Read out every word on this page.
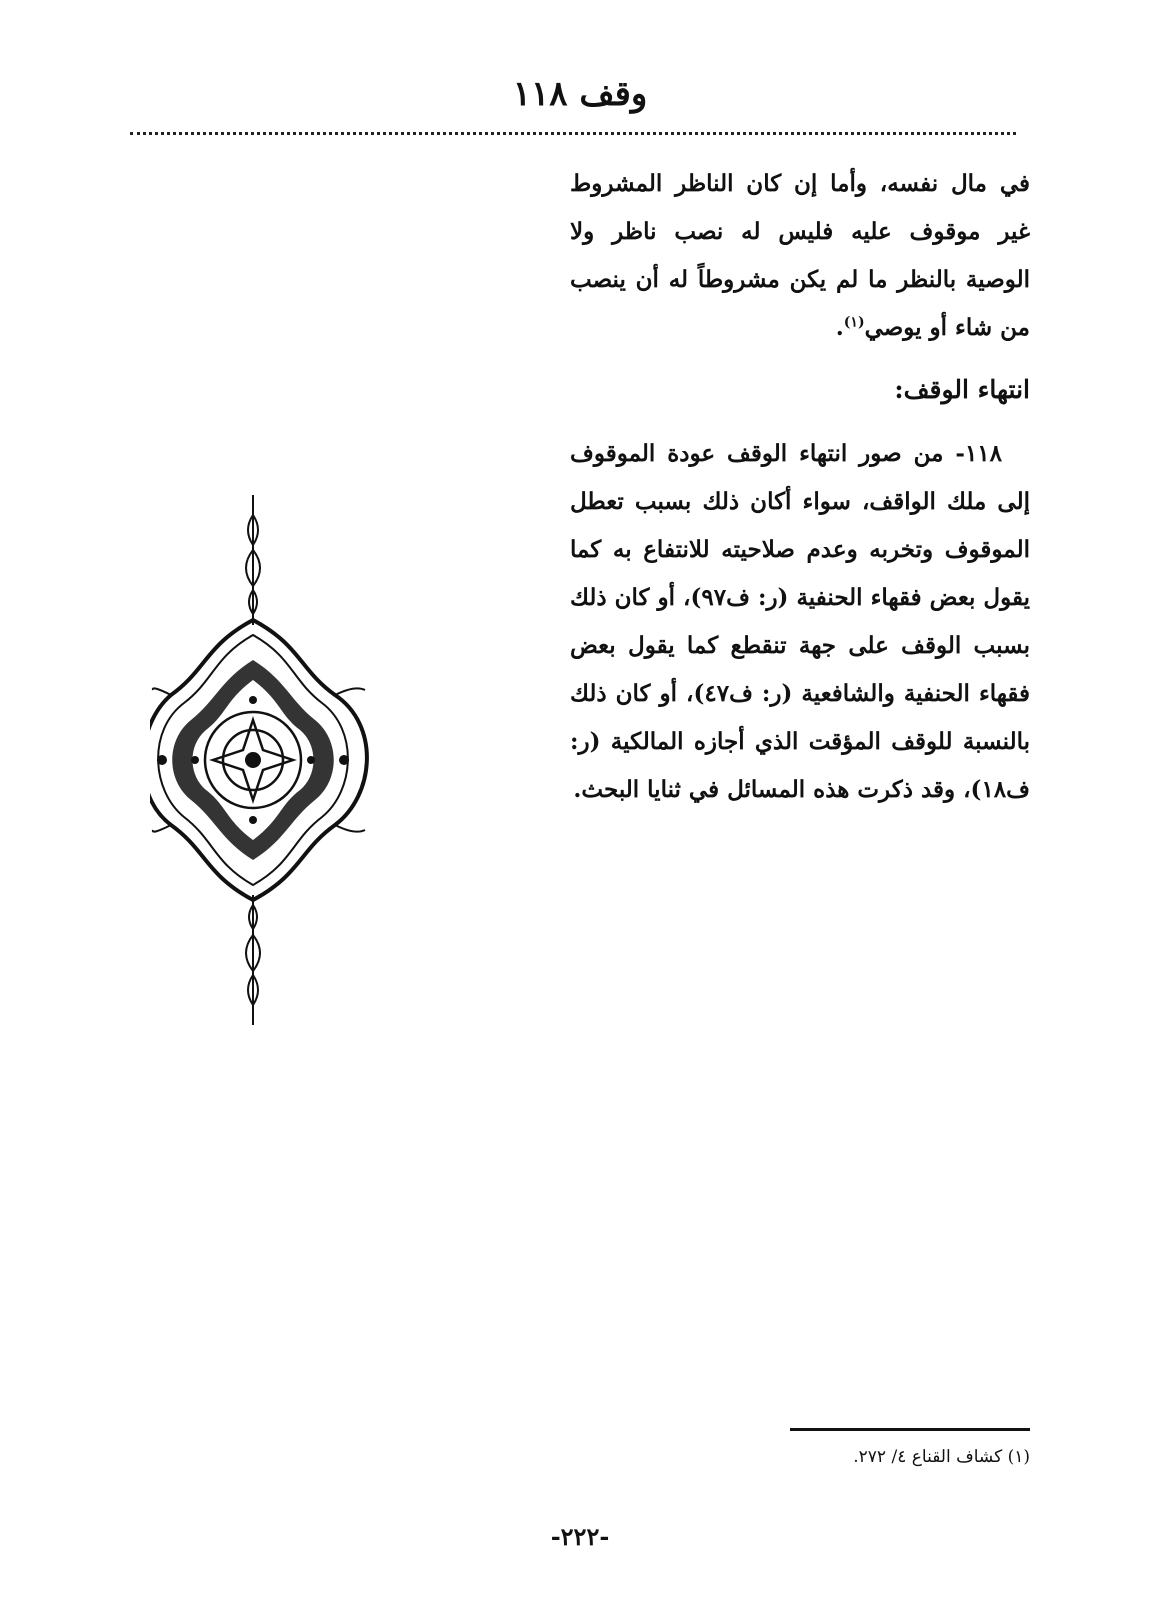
وقف ١١٨

في مال نفسه، وأما إن كان الناظر المشروط غير موقوف عليه فليس له نصب ناظر ولا الوصية بالنظر ما لم يكن مشروطاً له أن ينصب من شاء أو يوصي$^{(١)}$.

انتهاء الوقف:

١١٨- من صور انتهاء الوقف عودة الموقوف إلى ملك الواقف، سواء أكان ذلك بسبب تعطل الموقوف وتخربه وعدم صلاحيته للانتفاع به كما يقول بعض فقهاء الحنفية (ر: ف٩٧)، أو كان ذلك بسبب الوقف على جهة تنقطع كما يقول بعض فقهاء الحنفية والشافعية (ر: ف٤٧)، أو كان ذلك بالنسبة للوقف المؤقت الذي أجازه المالكية (ر: ف١٨)، وقد ذكرت هذه المسائل في ثنايا البحث.

(١) كشاف القناع ٤/ ٢٧٢.
-٢٢٢-
